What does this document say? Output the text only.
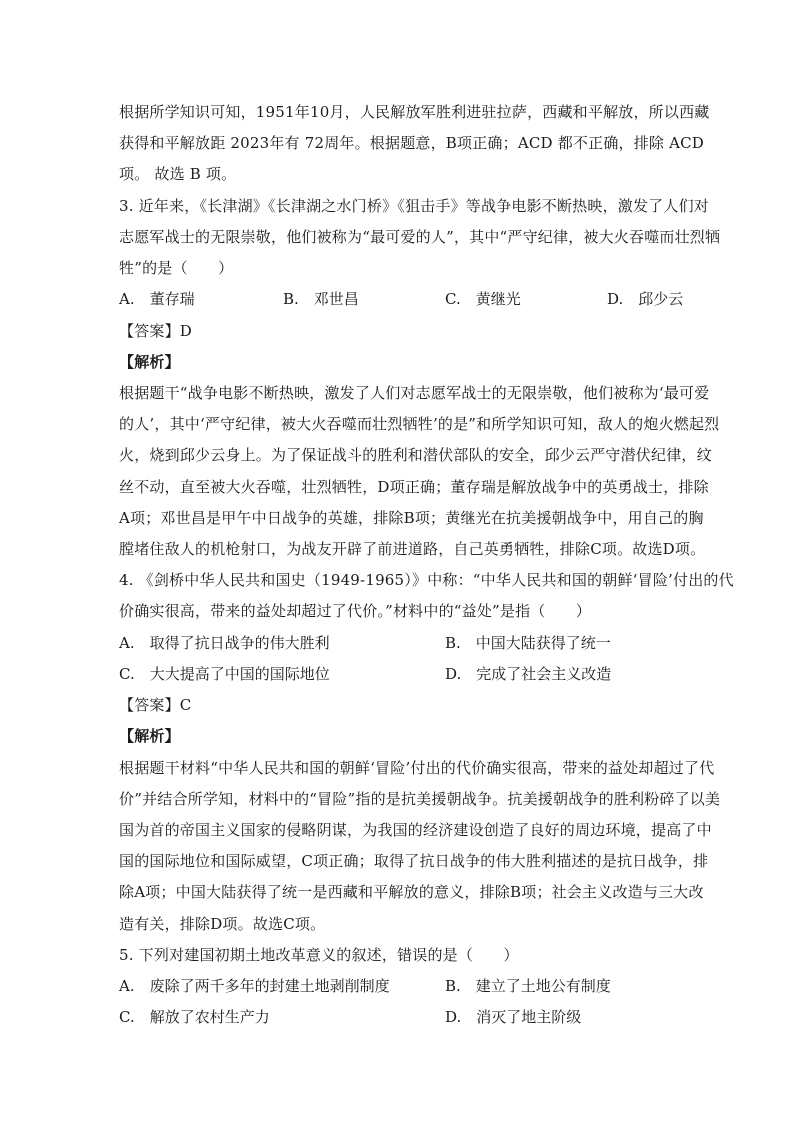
根据所学知识可知，1951年10月，人民解放军胜利进驻拉萨，西藏和平解放，所以西藏
获得和平解放距 2023年有 72周年。根据题意，B项正确；ACD 都不正确，排除 ACD
项。 故选 B 项。
3. 近年来，《长津湖》《长津湖之水门桥》《狙击手》等战争电影不断热映，激发了人们对
志愿军战士的无限崇敬，他们被称为“最可爱的人”，其中“严守纪律，被大火吞噬而壮烈牺
牲”的是（　　）
A.　董存瑞	B.　邓世昌	C.　黄继光	D.　邱少云
【答案】D
【解析】
根据题干“战争电影不断热映，激发了人们对志愿军战士的无限崇敬，他们被称为‘最可爱
的人’，其中‘严守纪律，被大火吞噬而壮烈牺牲’的是”和所学知识可知，敌人的炮火燃起烈
火，烧到邱少云身上。为了保证战斗的胜利和潜伏部队的安全，邱少云严守潜伏纪律，纹
丝不动，直至被大火吞噬，壮烈牺牲，D项正确；董存瑞是解放战争中的英勇战士，排除
A项；邓世昌是甲午中日战争的英雄，排除B项；黄继光在抗美援朝战争中，用自己的胸
膛堵住敌人的机枪射口，为战友开辟了前进道路，自己英勇牺牲，排除C项。故选D项。
4. 《剑桥中华人民共和国史（1949-1965）》中称：“中华人民共和国的朝鲜‘冒险’付出的代
价确实很高，带来的益处却超过了代价。”材料中的“益处”是指（　　）
A.　取得了抗日战争的伟大胜利	B.　中国大陆获得了统一
C.　大大提高了中国的国际地位	D.　完成了社会主义改造
【答案】C
【解析】
根据题干材料“中华人民共和国的朝鲜‘冒险’付出的代价确实很高，带来的益处却超过了代
价”并结合所学知，材料中的“冒险”指的是抗美援朝战争。抗美援朝战争的胜利粉碎了以美
国为首的帝国主义国家的侵略阴谋，为我国的经济建设创造了良好的周边环境，提高了中
国的国际地位和国际威望，C项正确；取得了抗日战争的伟大胜利描述的是抗日战争，排
除A项；中国大陆获得了统一是西藏和平解放的意义，排除B项；社会主义改造与三大改
造有关，排除D项。故选C项。
5. 下列对建国初期土地改革意义的叙述，错误的是（　　）
A.　废除了两千多年的封建土地剥削制度	B.　建立了土地公有制度
C.　解放了农村生产力	D.　消灭了地主阶级
